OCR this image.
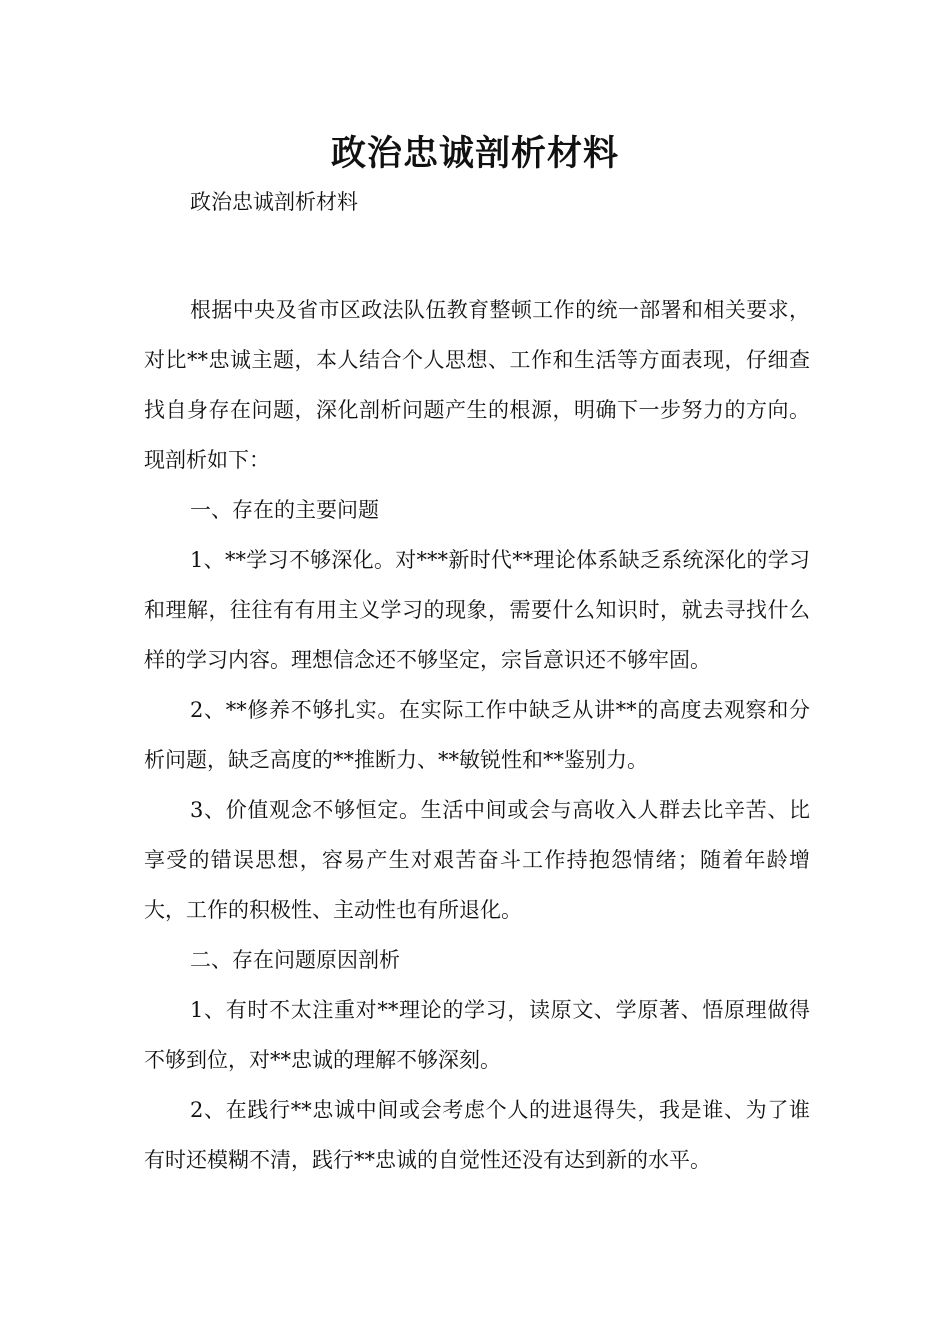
政治忠诚剖析材料

政治忠诚剖析材料

根据中央及省市区政法队伍教育整顿工作的统一部署和相关要求，对比**忠诚主题，本人结合个人思想、工作和生活等方面表现，仔细查找自身存在问题，深化剖析问题产生的根源，明确下一步努力的方向。现剖析如下：

一、存在的主要问题

1、**学习不够深化。对***新时代**理论体系缺乏系统深化的学习和理解，往往有有用主义学习的现象，需要什么知识时，就去寻找什么样的学习内容。理想信念还不够坚定，宗旨意识还不够牢固。

2、**修养不够扎实。在实际工作中缺乏从讲**的高度去观察和分析问题，缺乏高度的**推断力、**敏锐性和**鉴别力。

3、价值观念不够恒定。生活中间或会与高收入人群去比辛苦、比享受的错误思想，容易产生对艰苦奋斗工作持抱怨情绪；随着年龄增大，工作的积极性、主动性也有所退化。

二、存在问题原因剖析

1、有时不太注重对**理论的学习，读原文、学原著、悟原理做得不够到位，对**忠诚的理解不够深刻。

2、在践行**忠诚中间或会考虑个人的进退得失，我是谁、为了谁有时还模糊不清，践行**忠诚的自觉性还没有达到新的水平。
